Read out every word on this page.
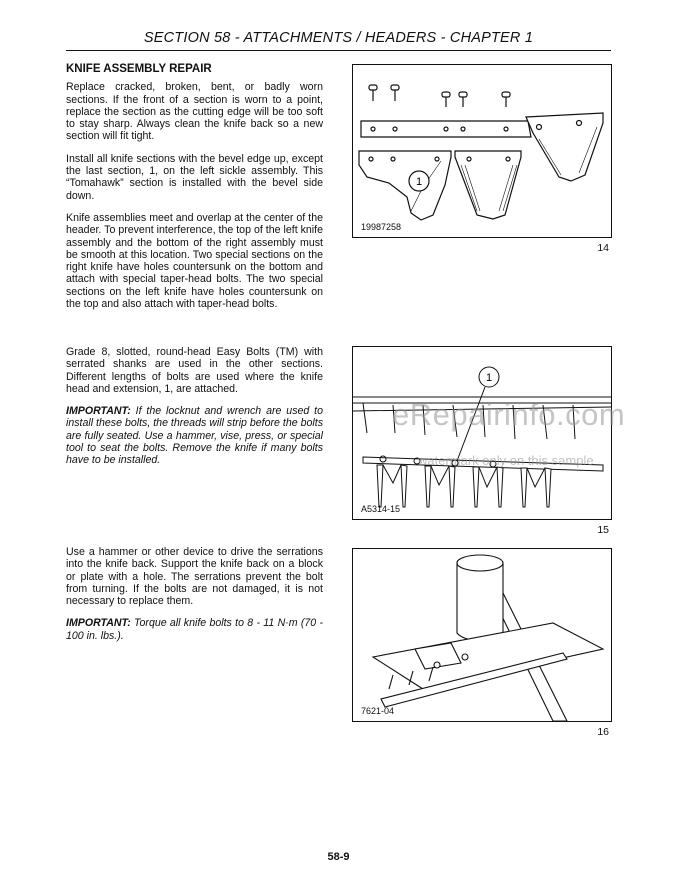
SECTION 58 - ATTACHMENTS / HEADERS - CHAPTER 1

KNIFE ASSEMBLY REPAIR

Replace cracked, broken, bent, or badly worn sections. If the front of a section is worn to a point, replace the section as the cutting edge will be too soft to stay sharp. Always clean the knife back so a new section will fit tight.

Install all knife sections with the bevel edge up, except the last section, 1, on the left sickle assembly. This “Tomahawk” section is installed with the bevel side down.

Knife assemblies meet and overlap at the center of the header. To prevent interference, the top of the left knife assembly and the bottom of the right assembly must be smooth at this location. Two special sections on the right knife have holes countersunk on the bottom and attach with special taper-head bolts. The two special sections on the left knife have holes countersunk on the top and also attach with taper-head bolts.

Grade 8, slotted, round-head Easy Bolts (TM) with serrated shanks are used in the other sections. Different lengths of bolts are used where the knife head and extension, 1, are attached.

IMPORTANT: If the locknut and wrench are used to install these bolts, the threads will strip before the bolts are fully seated. Use a hammer, vise, press, or special tool to seat the bolts. Remove the knife if many bolts have to be installed.

Use a hammer or other device to drive the serrations into the knife back. Support the knife back on a block or plate with a hole. The serrations prevent the bolt from turning. If the bolts are not damaged, it is not necessary to replace them.

IMPORTANT: Torque all knife bolts to 8 - 11 N·m (70 - 100 in. lbs.).

1
19987258
14
1
A5314-15
15
7621-04
16
eRepairinfo.com
watermark only on this sample
58-9
